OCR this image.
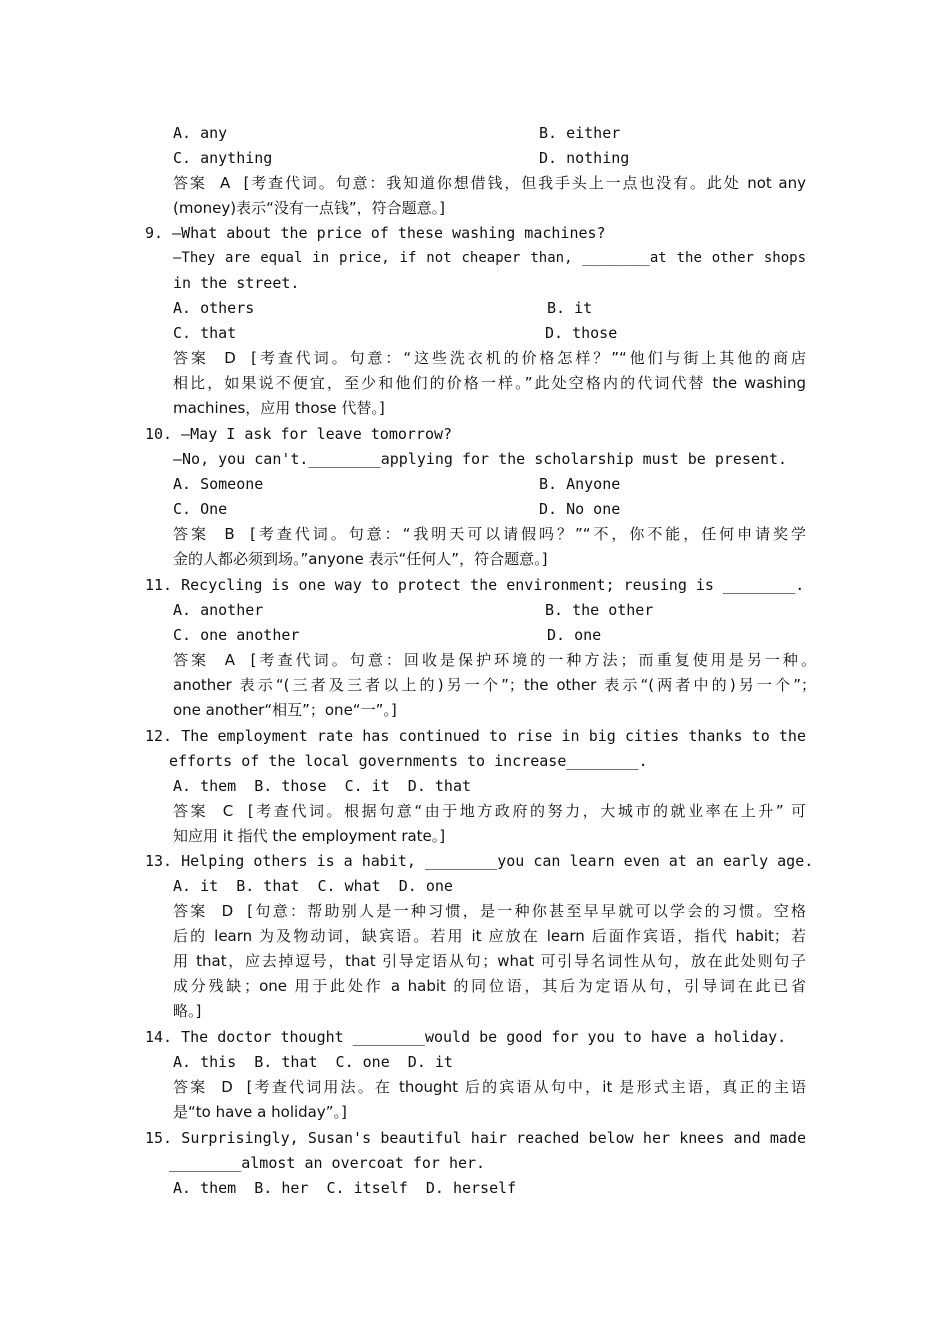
A. any	B. either
C. anything	D. nothing
答案  A  [考查代词。句意：我知道你想借钱，但我手头上一点也没有。此处 not any
(money)表示“没有一点钱”，符合题意。]
9. —What about the price of these washing machines?
—They are equal in price, if not cheaper than, ________at the other shops
in the street.
A. others	B. it
C. that	D. those
答案  D  [考查代词。句意：“这些洗衣机的价格怎样？”“他们与街上其他的商店
相比，如果说不便宜，至少和他们的价格一样。”此处空格内的代词代替 the washing
machines，应用 those 代替。]
10. —May I ask for leave tomorrow?
—No, you can't.________applying for the scholarship must be present.
A. Someone	B. Anyone
C. One	D. No one
答案  B  [考查代词。句意：“我明天可以请假吗？”“不，你不能，任何申请奖学
金的人都必须到场。”anyone 表示“任何人”，符合题意。]
11. Recycling is one way to protect the environment; reusing is ________.
A. another	B. the other
C. one another	D. one
答案  A  [考查代词。句意：回收是保护环境的一种方法；而重复使用是另一种。
another 表示“(三者及三者以上的)另一个”；the other 表示“(两者中的)另一个”；
one another“相互”；one“一”。]
12. The employment rate has continued to rise in big cities thanks to the
efforts of the local governments to increase________.
A. them  B. those  C. it  D. that
答案  C  [考查代词。根据句意“由于地方政府的努力，大城市的就业率在上升” 可
知应用 it 指代 the employment rate。]
13. Helping others is a habit, ________you can learn even at an early age.
A. it  B. that  C. what  D. one
答案  D  [句意：帮助别人是一种习惯，是一种你甚至早早就可以学会的习惯。空格
后的 learn 为及物动词，缺宾语。若用 it 应放在 learn 后面作宾语，指代 habit；若
用 that，应去掉逗号，that 引导定语从句；what 可引导名词性从句，放在此处则句子
成分残缺；one 用于此处作 a habit 的同位语，其后为定语从句，引导词在此已省
略。]
14. The doctor thought ________would be good for you to have a holiday.
A. this  B. that  C. one  D. it
答案  D  [考查代词用法。在 thought 后的宾语从句中，it 是形式主语，真正的主语
是“to have a holiday”。]
15. Surprisingly, Susan's beautiful hair reached below her knees and made
________almost an overcoat for her.
A. them  B. her  C. itself  D. herself
